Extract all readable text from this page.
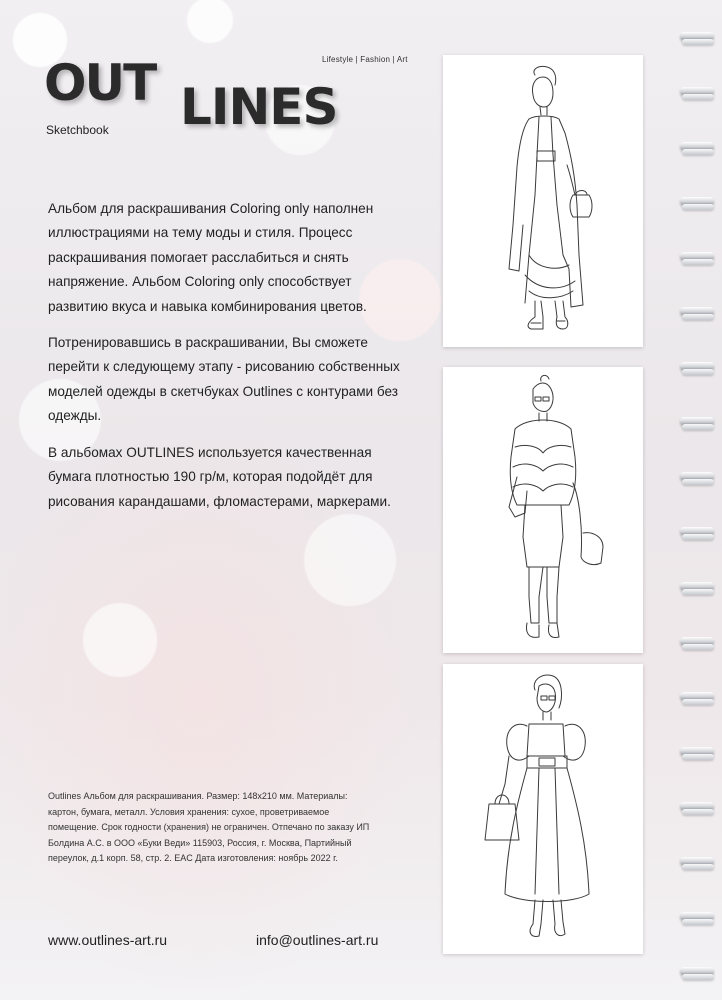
Lifestyle | Fashion | Art
OUT LINES
Sketchbook
Альбом для раскрашивания Coloring only наполнен иллюстрациями на тему моды и стиля. Процесс раскрашивания помогает расслабиться и снять напряжение. Альбом Coloring only способствует развитию вкуса и навыка комбинирования цветов.
Потренировавшись в раскрашивании, Вы сможете перейти к следующему этапу - рисованию собственных моделей одежды в скетчбуках Outlines с контурами без одежды.
В альбомах OUTLINES используется качественная бумага плотностью 190 гр/м, которая подойдёт для рисования карандашами, фломастерами, маркерами.
Outlines Альбом для раскрашивания. Размер: 148х210 мм. Материалы: картон, бумага, металл. Условия хранения: сухое, проветриваемое помещение. Срок годности (хранения) не ограничен. Отпечано по заказу ИП Болдина А.С. в ООО «Буки Веди» 115903, Россия, г. Москва, Партийный переулок, д.1 корп. 58, стр. 2. EAC Дата изготовления: ноябрь 2022 г.
www.outlines-art.ru	info@outlines-art.ru
